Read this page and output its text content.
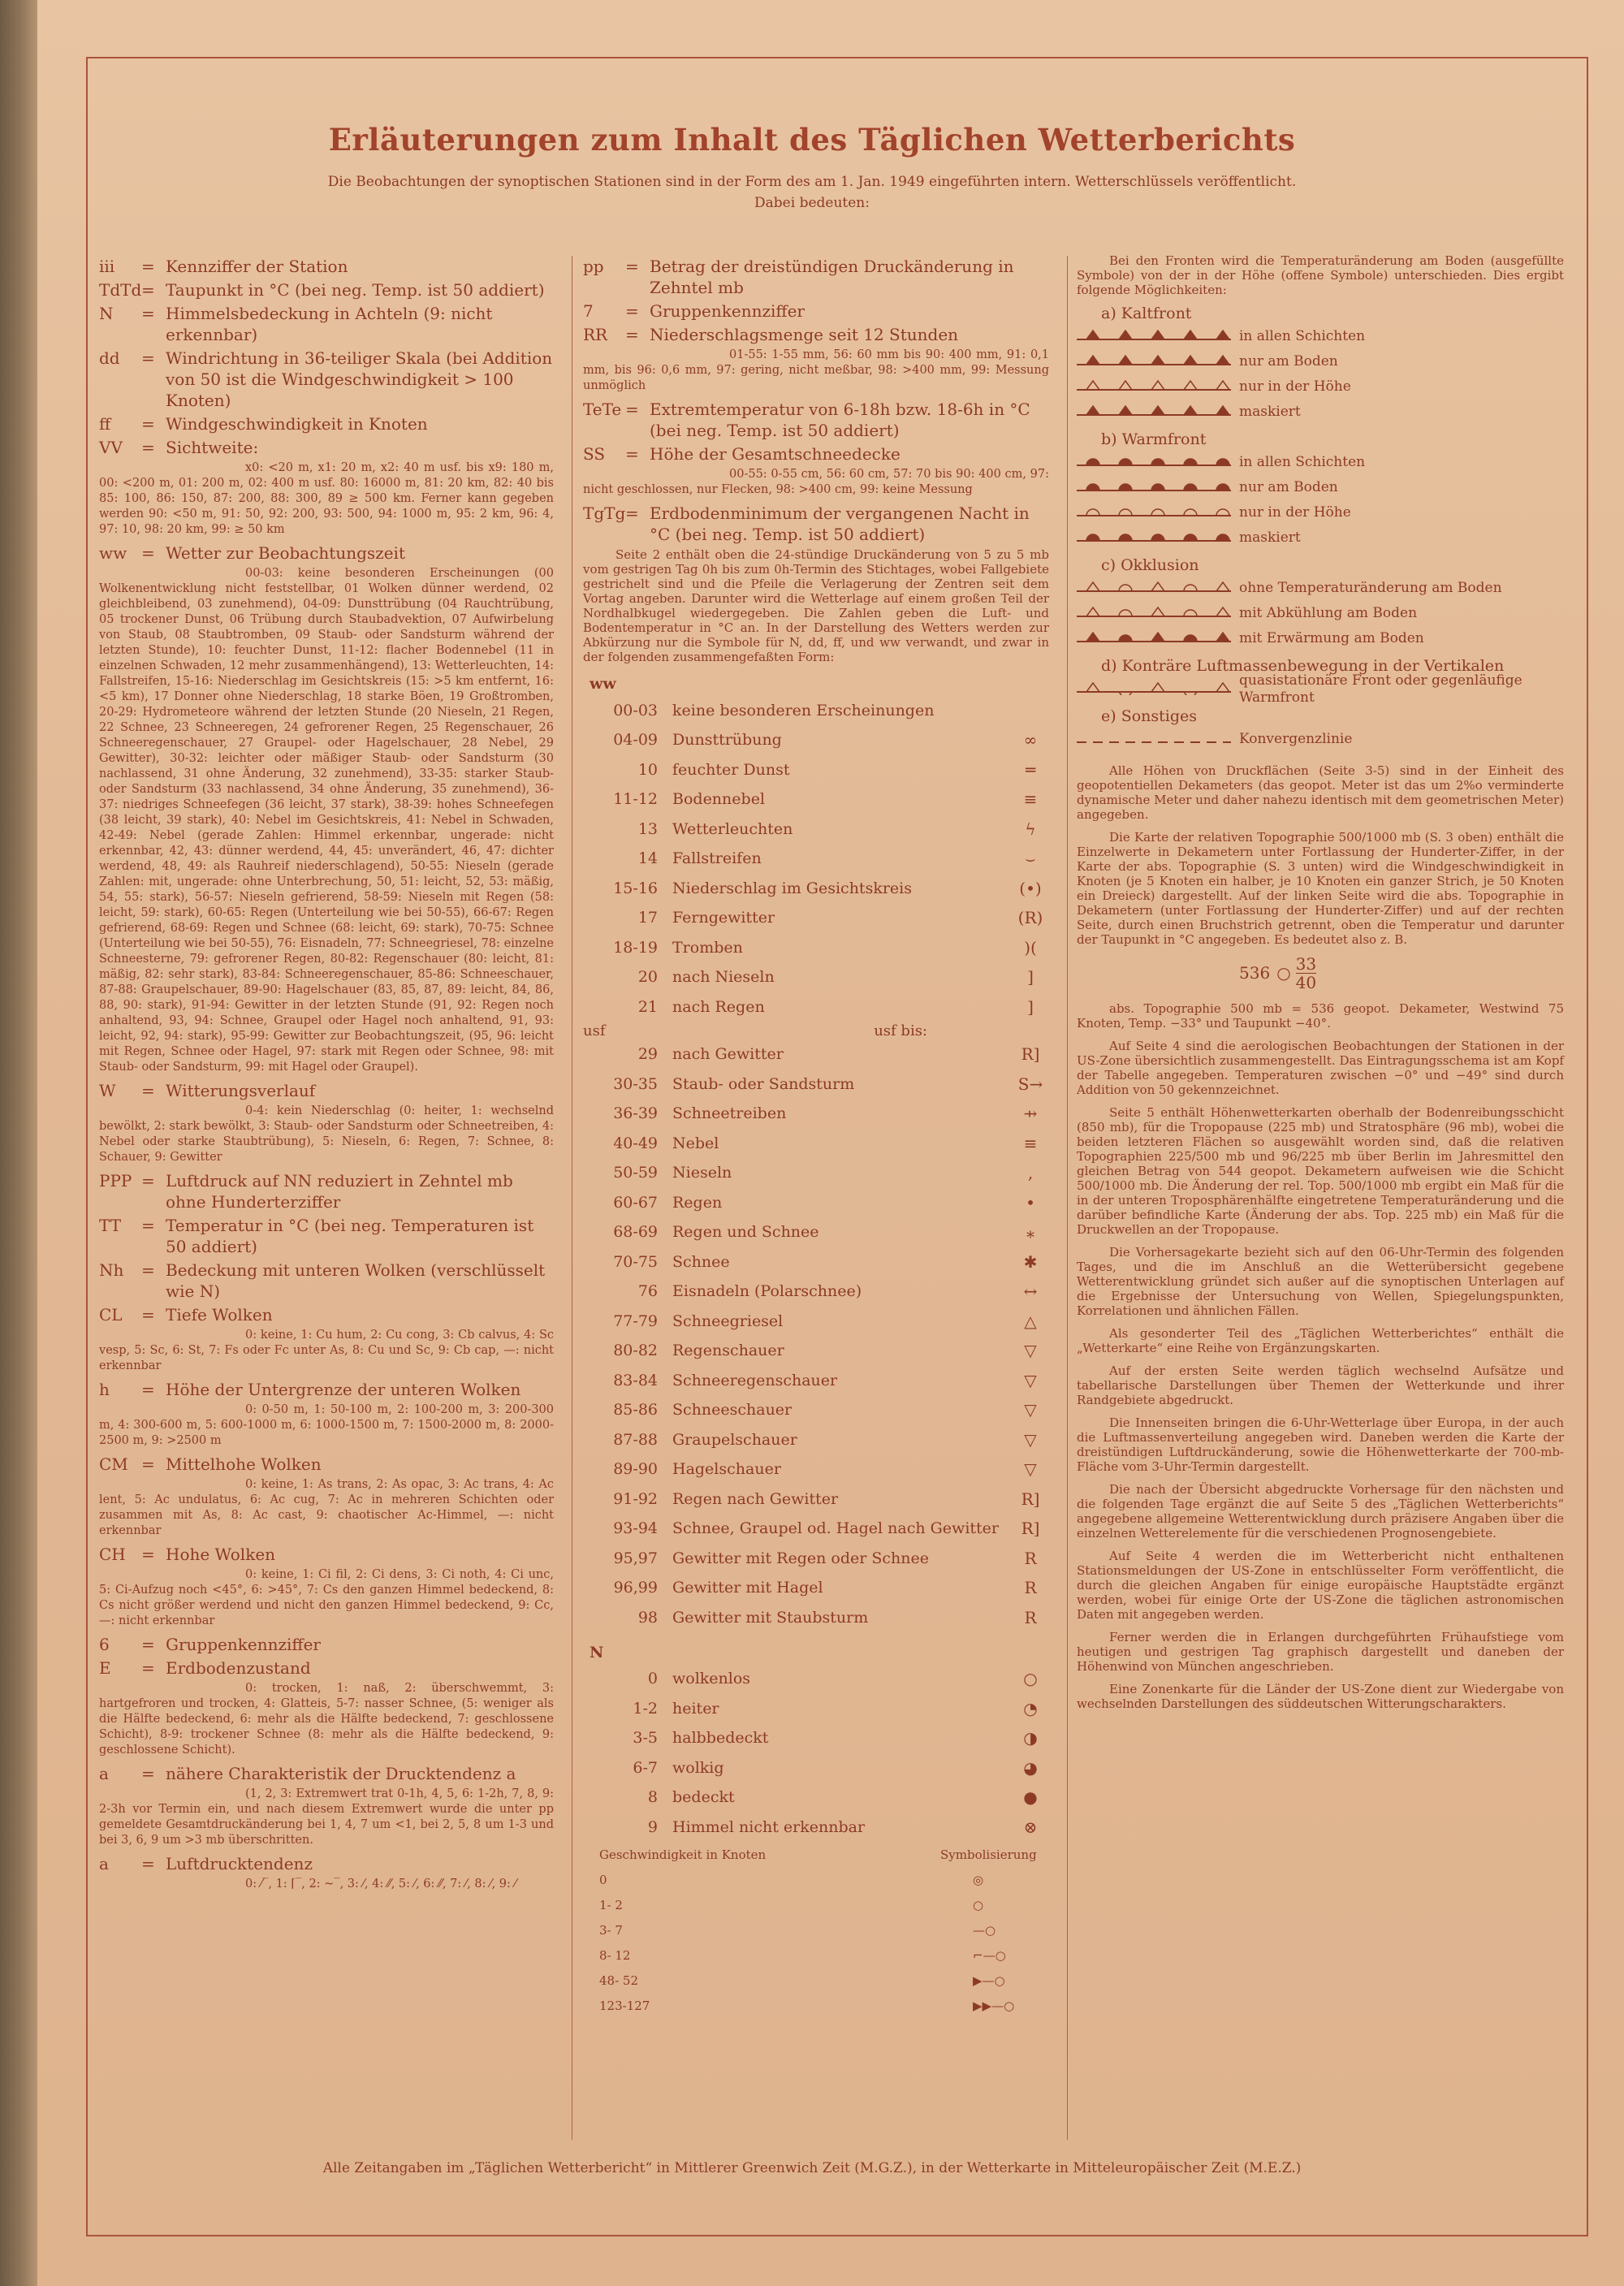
Erläuterungen zum Inhalt des Täglichen Wetterberichts
Die Beobachtungen der synoptischen Stationen sind in der Form des am 1. Jan. 1949 eingeführten intern. Wetterschlüssels veröffentlicht.
Dabei bedeuten:
iii	= Kennziffer der Station
TdTd = Taupunkt in °C (bei neg. Temp. ist 50 addiert)
N	= Himmelsbedeckung in Achteln (9: nicht erkennbar)
dd	= Windrichtung in 36-teiliger Skala (bei Addition von 50 ist die Windgeschwindigkeit > 100 Knoten)
ff	= Windgeschwindigkeit in Knoten
VV	= Sichtweite:
x0: <20 m, x1: 20 m, x2: 40 m usf. bis x9: 180 m, 00: <200 m, 01: 200 m, 02: 400 m usf. 80: 16000 m, 81: 20 km, 82: 40 bis 85: 100, 86: 150, 87: 200, 88: 300, 89 ≥ 500 km. Ferner kann gegeben werden 90: <50 m, 91: 50, 92: 200, 93: 500, 94: 1000 m, 95: 2 km, 96: 4, 97: 10, 98: 20 km, 99: ≥ 50 km
ww = Wetter zur Beobachtungszeit
00-03: keine besonderen Erscheinungen (00 Wolkenentwicklung nicht feststellbar, 01 Wolken dünner werdend, 02 gleichbleibend, 03 zunehmend), 04-09: Dunsttrübung (04 Rauchtrübung, 05 trockener Dunst, 06 Trübung durch Staubadvektion, 07 Aufwirbelung von Staub, 08 Staubtromben, 09 Staub- oder Sandsturm während der letzten Stunde), 10: feuchter Dunst, 11-12: flacher Bodennebel (11 in einzelnen Schwaden, 12 mehr zusammenhängend), 13: Wetterleuchten, 14: Fallstreifen, 15-16: Niederschlag im Gesichtskreis (15: >5 km entfernt, 16: <5 km), 17 Donner ohne Niederschlag, 18 starke Böen, 19 Großtromben, 20-29: Hydrometeore während der letzten Stunde (20 Nieseln, 21 Regen, 22 Schnee, 23 Schneeregen, 24 gefrorener Regen, 25 Regenschauer, 26 Schneeregenschauer, 27 Graupel- oder Hagelschauer, 28 Nebel, 29 Gewitter), 30-32: leichter oder mäßiger Staub- oder Sandsturm (30 nachlassend, 31 ohne Änderung, 32 zunehmend), 33-35: starker Staub- oder Sandsturm (33 nachlassend, 34 ohne Änderung, 35 zunehmend), 36-37: niedriges Schneefegen (36 leicht, 37 stark), 38-39: hohes Schneefegen (38 leicht, 39 stark), 40: Nebel im Gesichtskreis, 41: Nebel in Schwaden, 42-49: Nebel (gerade Zahlen: Himmel erkennbar, ungerade: nicht erkennbar, 42, 43: dünner werdend, 44, 45: unverändert, 46, 47: dichter werdend, 48, 49: als Rauhreif niederschlagend), 50-55: Nieseln (gerade Zahlen: mit, ungerade: ohne Unterbrechung, 50, 51: leicht, 52, 53: mäßig, 54, 55: stark), 56-57: Nieseln gefrierend, 58-59: Nieseln mit Regen (58: leicht, 59: stark), 60-65: Regen (Unterteilung wie bei 50-55), 66-67: Regen gefrierend, 68-69: Regen und Schnee (68: leicht, 69: stark), 70-75: Schnee (Unterteilung wie bei 50-55), 76: Eisnadeln, 77: Schneegriesel, 78: einzelne Schneesterne, 79: gefrorener Regen, 80-82: Regenschauer (80: leicht, 81: mäßig, 82: sehr stark), 83-84: Schneeregenschauer, 85-86: Schneeschauer, 87-88: Graupelschauer, 89-90: Hagelschauer (83, 85, 87, 89: leicht, 84, 86, 88, 90: stark), 91-94: Gewitter in der letzten Stunde (91, 92: Regen noch anhaltend, 93, 94: Schnee, Graupel oder Hagel noch anhaltend, 91, 93: leicht, 92, 94: stark), 95-99: Gewitter zur Beobachtungszeit, (95, 96: leicht mit Regen, Schnee oder Hagel, 97: stark mit Regen oder Schnee, 98: mit Staub- oder Sandsturm, 99: mit Hagel oder Graupel).
W	= Witterungsverlauf
0-4: kein Niederschlag (0: heiter, 1: wechselnd bewölkt, 2: stark bewölkt, 3: Staub- oder Sandsturm oder Schneetreiben, 4: Nebel oder starke Staubtrübung), 5: Nieseln, 6: Regen, 7: Schnee, 8: Schauer, 9: Gewitter
PPP = Luftdruck auf NN reduziert in Zehntel mb ohne Hunderterziffer
TT	= Temperatur in °C (bei neg. Temperaturen ist 50 addiert)
Nh	= Bedeckung mit unteren Wolken (verschlüsselt wie N)
CL	= Tiefe Wolken
0: keine, 1: Cu hum, 2: Cu cong, 3: Cb calvus, 4: Sc vesp, 5: Sc, 6: St, 7: Fs oder Fc unter As, 8: Cu und Sc, 9: Cb cap, —: nicht erkennbar
h	= Höhe der Untergrenze der unteren Wolken
0: 0-50 m, 1: 50-100 m, 2: 100-200 m, 3: 200-300 m, 4: 300-600 m, 5: 600-1000 m, 6: 1000-1500 m, 7: 1500-2000 m, 8: 2000-2500 m, 9: >2500 m
CM = Mittelhohe Wolken
0: keine, 1: As trans, 2: As opac, 3: Ac trans, 4: Ac lent, 5: Ac undulatus, 6: Ac cug, 7: Ac in mehreren Schichten oder zusammen mit As, 8: Ac cast, 9: chaotischer Ac-Himmel, —: nicht erkennbar
CH = Hohe Wolken
0: keine, 1: Ci fil, 2: Ci dens, 3: Ci noth, 4: Ci unc, 5: Ci-Aufzug noch <45°, 6: >45°, 7: Cs den ganzen Himmel bedeckend, 8: Cs nicht größer werdend und nicht den ganzen Himmel bedeckend, 9: Cc, —: nicht erkennbar
6	= Gruppenkennziffer
E	= Erdbodenzustand
0: trocken, 1: naß, 2: überschwemmt, 3: hartgefroren und trocken, 4: Glatteis, 5-7: nasser Schnee, (5: weniger als die Hälfte bedeckend, 6: mehr als die Hälfte bedeckend, 7: geschlossene Schicht), 8-9: trockener Schnee (8: mehr als die Hälfte bedeckend, 9: geschlossene Schicht).
a	= nähere Charakteristik der Drucktendenz a
(1, 2, 3: Extremwert trat 0-1h, 4, 5, 6: 1-2h, 7, 8, 9: 2-3h vor Termin ein, und nach diesem Extremwert wurde die unter pp gemeldete Gesamtdruckänderung bei 1, 4, 7 um <1, bei 2, 5, 8 um 1-3 und bei 3, 6, 9 um >3 mb überschritten.
a	= Luftdrucktendenz
0: ⁄‾, 1: ⌈‾, 2: ~‾, 3: ⁄, 4: ⁄⁄, 5: ⁄, 6: ⁄⁄, 7: ⁄, 8: ⁄, 9: ⁄
pp	= Betrag der dreistündigen Druckänderung in Zehntel mb
7	= Gruppenkennziffer
RR	= Niederschlagsmenge seit 12 Stunden
01-55: 1-55 mm, 56: 60 mm bis 90: 400 mm, 91: 0,1 mm, bis 96: 0,6 mm, 97: gering, nicht meßbar, 98: >400 mm, 99: Messung unmöglich
TeTe = Extremtemperatur von 6-18h bzw. 18-6h in °C (bei neg. Temp. ist 50 addiert)
SS	= Höhe der Gesamtschneedecke
00-55: 0-55 cm, 56: 60 cm, 57: 70 bis 90: 400 cm, 97: nicht geschlossen, nur Flecken, 98: >400 cm, 99: keine Messung
TgTg = Erdbodenminimum der vergangenen Nacht in °C (bei neg. Temp. ist 50 addiert)
Seite 2 enthält oben die 24-stündige Druckänderung von 5 zu 5 mb vom gestrigen Tag 0h bis zum 0h-Termin des Stichtages, wobei Fallgebiete gestrichelt sind und die Pfeile die Verlagerung der Zentren seit dem Vortag angeben. Darunter wird die Wetterlage auf einem großen Teil der Nordhalbkugel wiedergegeben. Die Zahlen geben die Luft- und Bodentemperatur in °C an. In der Darstellung des Wetters werden zur Abkürzung nur die Symbole für N, dd, ff, und ww verwandt, und zwar in der folgenden zusammengefaßten Form:
ww
00-03 keine besonderen Erscheinungen
04-09 Dunsttrübung	∞
10 feuchter Dunst	═
11-12 Bodennebel	≡
13 Wetterleuchten	ϟ
14 Fallstreifen	⌣
15-16 Niederschlag im Gesichtskreis	(•)
17 Ferngewitter	(R)
18-19 Tromben	)(
20 nach Nieseln	]
21 nach Regen	]
usf	usf bis:
29 nach Gewitter	R]
30-35 Staub- oder Sandsturm	S→
36-39 Schneetreiben	⇸
40-49 Nebel	≡
50-59 Nieseln	,
60-67 Regen	•
68-69 Regen und Schnee	⁎
70-75 Schnee	✱
76 Eisnadeln (Polarschnee)	↔
77-79 Schneegriesel	△
80-82 Regenschauer	▽
83-84 Schneeregenschauer	▽
85-86 Schneeschauer	▽
87-88 Graupelschauer	▽
89-90 Hagelschauer	▽
91-92 Regen nach Gewitter	R]
93-94 Schnee, Graupel od. Hagel nach Gewitter	R]
95,97 Gewitter mit Regen oder Schnee	R
96,99 Gewitter mit Hagel	R
98 Gewitter mit Staubsturm	R
N
0 wolkenlos	○
1-2 heiter	◔
3-5 halbbedeckt	◑
6-7 wolkig	◕
8 bedeckt	●
9 Himmel nicht erkennbar	⊗
Geschwindigkeit in Knoten	Symbolisierung
0	◎
1- 2	○
3- 7	—○
8- 12	⌐—○
48- 52	▶—○
123-127	▶▶—○
Bei den Fronten wird die Temperaturänderung am Boden (ausgefüllte Symbole) von der in der Höhe (offene Symbole) unterschieden. Dies ergibt folgende Möglichkeiten:
a) Kaltfront
in allen Schichten
nur am Boden
nur in der Höhe
maskiert
b) Warmfront
in allen Schichten
nur am Boden
nur in der Höhe
maskiert
c) Okklusion
ohne Temperaturänderung am Boden
mit Abkühlung am Boden
mit Erwärmung am Boden
d) Konträre Luftmassenbewegung in der Vertikalen
quasistationäre Front oder gegenläufige Warmfront
e) Sonstiges
Konvergenzlinie
Alle Höhen von Druckflächen (Seite 3-5) sind in der Einheit des geopotentiellen Dekameters (das geopot. Meter ist das um 2%o verminderte dynamische Meter und daher nahezu identisch mit dem geometrischen Meter) angegeben.
Die Karte der relativen Topographie 500/1000 mb (S. 3 oben) enthält die Einzelwerte in Dekametern unter Fortlassung der Hunderter-Ziffer, in der Karte der abs. Topographie (S. 3 unten) wird die Windgeschwindigkeit in Knoten (je 5 Knoten ein halber, je 10 Knoten ein ganzer Strich, je 50 Knoten ein Dreieck) dargestellt. Auf der linken Seite wird die abs. Topographie in Dekametern (unter Fortlassung der Hunderter-Ziffer) und auf der rechten Seite, durch einen Bruchstrich getrennt, oben die Temperatur und darunter der Taupunkt in °C angegeben. Es bedeutet also z. B.
536 ○ 33
40
abs. Topographie 500 mb = 536 geopot. Dekameter, Westwind 75 Knoten, Temp. −33° und Taupunkt −40°.
Auf Seite 4 sind die aerologischen Beobachtungen der Stationen in der US-Zone übersichtlich zusammengestellt. Das Eintragungsschema ist am Kopf der Tabelle angegeben. Temperaturen zwischen −0° und −49° sind durch Addition von 50 gekennzeichnet.
Seite 5 enthält Höhenwetterkarten oberhalb der Bodenreibungsschicht (850 mb), für die Tropopause (225 mb) und Stratosphäre (96 mb), wobei die beiden letzteren Flächen so ausgewählt worden sind, daß die relativen Topographien 225/500 mb und 96/225 mb über Berlin im Jahresmittel den gleichen Betrag von 544 geopot. Dekametern aufweisen wie die Schicht 500/1000 mb. Die Änderung der rel. Top. 500/1000 mb ergibt ein Maß für die in der unteren Troposphärenhälfte eingetretene Temperaturänderung und die darüber befindliche Karte (Änderung der abs. Top. 225 mb) ein Maß für die Druckwellen an der Tropopause.
Die Vorhersagekarte bezieht sich auf den 06-Uhr-Termin des folgenden Tages, und die im Anschluß an die Wetterübersicht gegebene Wetterentwicklung gründet sich außer auf die synoptischen Unterlagen auf die Ergebnisse der Untersuchung von Wellen, Spiegelungspunkten, Korrelationen und ähnlichen Fällen.
Als gesonderter Teil des „Täglichen Wetterberichtes“ enthält die „Wetterkarte“ eine Reihe von Ergänzungskarten.
Auf der ersten Seite werden täglich wechselnd Aufsätze und tabellarische Darstellungen über Themen der Wetterkunde und ihrer Randgebiete abgedruckt.
Die Innenseiten bringen die 6-Uhr-Wetterlage über Europa, in der auch die Luftmassenverteilung angegeben wird. Daneben werden die Karte der dreistündigen Luftdruckänderung, sowie die Höhenwetterkarte der 700-mb-Fläche vom 3-Uhr-Termin dargestellt.
Die nach der Übersicht abgedruckte Vorhersage für den nächsten und die folgenden Tage ergänzt die auf Seite 5 des „Täglichen Wetterberichts“ angegebene allgemeine Wetterentwicklung durch präzisere Angaben über die einzelnen Wetterelemente für die verschiedenen Prognosengebiete.
Auf Seite 4 werden die im Wetterbericht nicht enthaltenen Stationsmeldungen der US-Zone in entschlüsselter Form veröffentlicht, die durch die gleichen Angaben für einige europäische Hauptstädte ergänzt werden, wobei für einige Orte der US-Zone die täglichen astronomischen Daten mit angegeben werden.
Ferner werden die in Erlangen durchgeführten Frühaufstiege vom heutigen und gestrigen Tag graphisch dargestellt und daneben der Höhenwind von München angeschrieben.
Eine Zonenkarte für die Länder der US-Zone dient zur Wiedergabe von wechselnden Darstellungen des süddeutschen Witterungscharakters.
Alle Zeitangaben im „Täglichen Wetterbericht“ in Mittlerer Greenwich Zeit (M.G.Z.), in der Wetterkarte in Mitteleuropäischer Zeit (M.E.Z.)
